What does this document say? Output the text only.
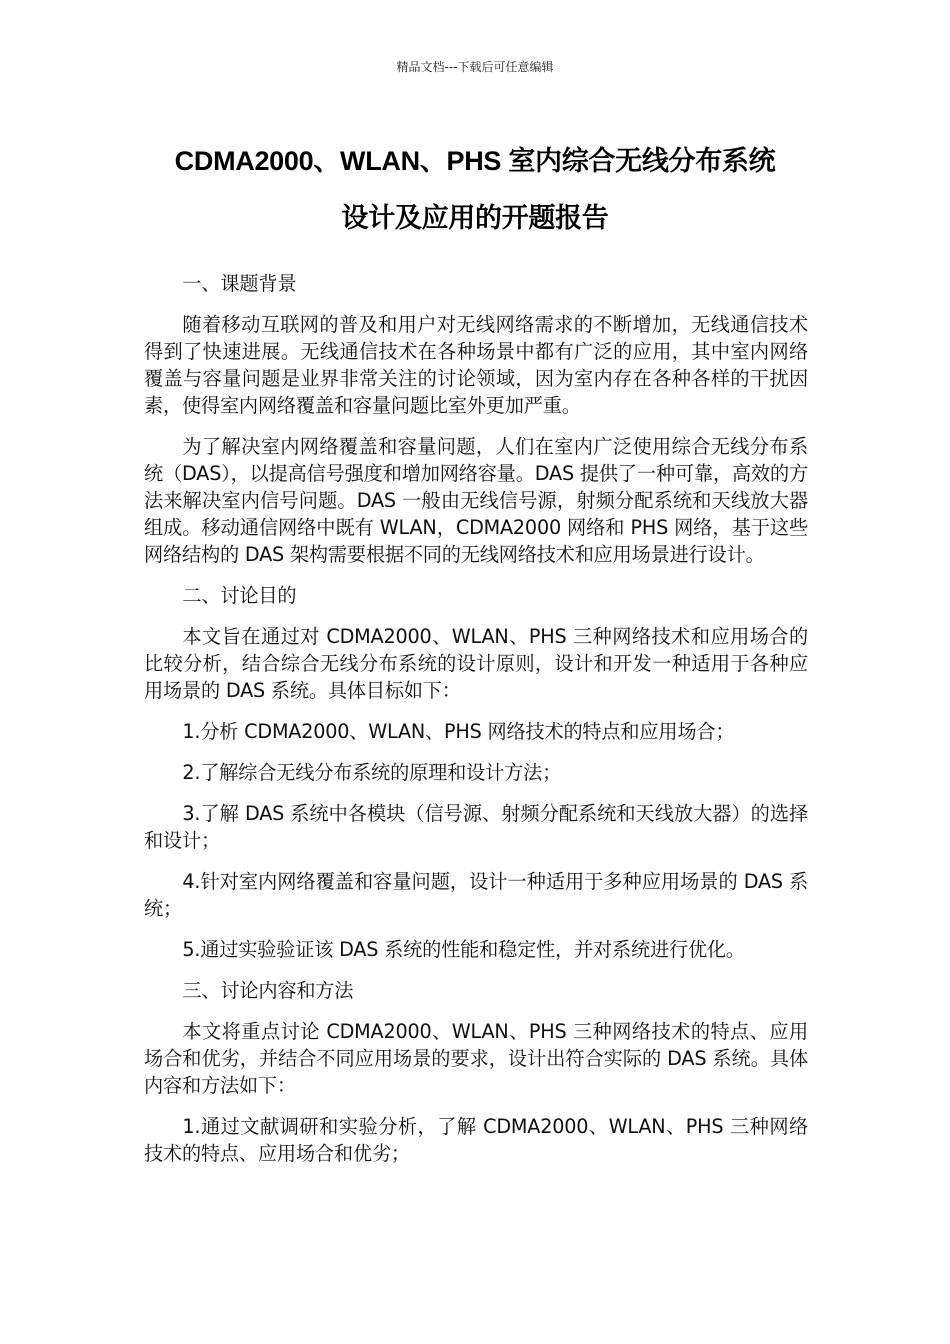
精品文档---下载后可任意编辑
CDMA2000、WLAN、PHS 室内综合无线分布系统
设计及应用的开题报告

一、课题背景

随着移动互联网的普及和用户对无线网络需求的不断增加，无线通信技术得到了快速进展。无线通信技术在各种场景中都有广泛的应用，其中室内网络覆盖与容量问题是业界非常关注的讨论领域，因为室内存在各种各样的干扰因素，使得室内网络覆盖和容量问题比室外更加严重。

为了解决室内网络覆盖和容量问题，人们在室内广泛使用综合无线分布系统（DAS），以提高信号强度和增加网络容量。DAS 提供了一种可靠，高效的方法来解决室内信号问题。DAS 一般由无线信号源，射频分配系统和天线放大器组成。移动通信网络中既有 WLAN，CDMA2000 网络和 PHS 网络，基于这些网络结构的 DAS 架构需要根据不同的无线网络技术和应用场景进行设计。

二、讨论目的

本文旨在通过对 CDMA2000、WLAN、PHS 三种网络技术和应用场合的比较分析，结合综合无线分布系统的设计原则，设计和开发一种适用于各种应用场景的 DAS 系统。具体目标如下：

1.分析 CDMA2000、WLAN、PHS 网络技术的特点和应用场合；

2.了解综合无线分布系统的原理和设计方法；

3.了解 DAS 系统中各模块（信号源、射频分配系统和天线放大器）的选择和设计；

4.针对室内网络覆盖和容量问题，设计一种适用于多种应用场景的 DAS 系统；

5.通过实验验证该 DAS 系统的性能和稳定性，并对系统进行优化。

三、讨论内容和方法

本文将重点讨论 CDMA2000、WLAN、PHS 三种网络技术的特点、应用场合和优劣，并结合不同应用场景的要求，设计出符合实际的 DAS 系统。具体内容和方法如下：

1.通过文献调研和实验分析，了解 CDMA2000、WLAN、PHS 三种网络技术的特点、应用场合和优劣；
